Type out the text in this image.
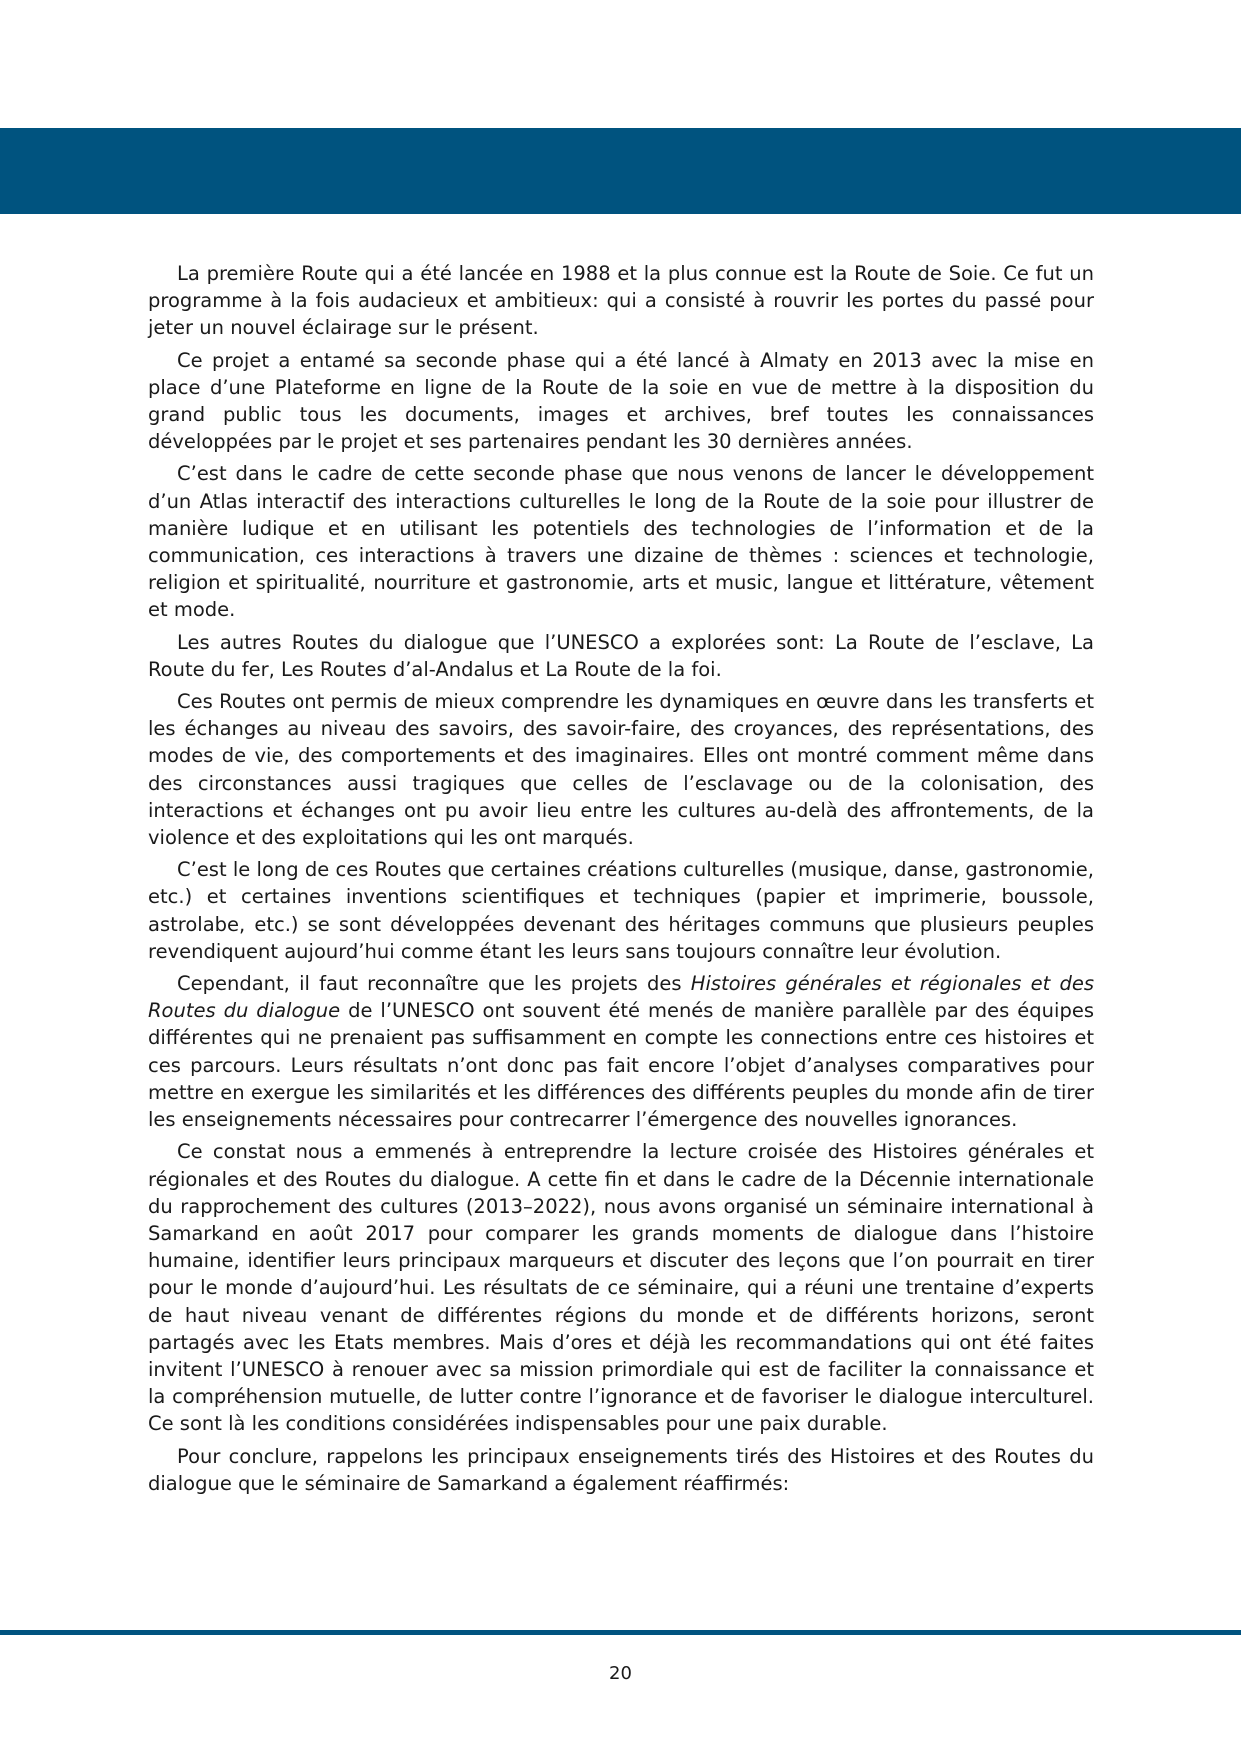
La première Route qui a été lancée en 1988 et la plus connue est la Route de Soie. Ce fut un programme à la fois audacieux et ambitieux: qui a consisté à rouvrir les portes du passé pour jeter un nouvel éclairage sur le présent.

Ce projet a entamé sa seconde phase qui a été lancé à Almaty en 2013 avec la mise en place d’une Plateforme en ligne de la Route de la soie en vue de mettre à la disposition du grand public tous les documents, images et archives, bref toutes les connaissances développées par le projet et ses partenaires pendant les 30 dernières années.

C’est dans le cadre de cette seconde phase que nous venons de lancer le développement d’un Atlas interactif des interactions culturelles le long de la Route de la soie pour illustrer de manière ludique et en utilisant les potentiels des technologies de l’information et de la communication, ces interactions à travers une dizaine de thèmes : sciences et technologie, religion et spiritualité, nourriture et gastronomie, arts et music, langue et littérature, vêtement et mode.

Les autres Routes du dialogue que l’UNESCO a explorées sont: La Route de l’esclave, La Route du fer, Les Routes d’al-Andalus et La Route de la foi.

Ces Routes ont permis de mieux comprendre les dynamiques en œuvre dans les transferts et les échanges au niveau des savoirs, des savoir-faire, des croyances, des représentations, des modes de vie, des comportements et des imaginaires. Elles ont montré comment même dans des circonstances aussi tragiques que celles de l’esclavage ou de la colonisation, des interactions et échanges ont pu avoir lieu entre les cultures au-delà des affrontements, de la violence et des exploitations qui les ont marqués.

C’est le long de ces Routes que certaines créations culturelles (musique, danse, gastronomie, etc.) et certaines inventions scientifiques et techniques (papier et imprimerie, boussole, astrolabe, etc.) se sont développées devenant des héritages communs que plusieurs peuples revendiquent aujourd’hui comme étant les leurs sans toujours connaître leur évolution.

Cependant, il faut reconnaître que les projets des Histoires générales et régionales et des Routes du dialogue de l’UNESCO ont souvent été menés de manière parallèle par des équipes différentes qui ne prenaient pas suffisamment en compte les connections entre ces histoires et ces parcours. Leurs résultats n’ont donc pas fait encore l’objet d’analyses comparatives pour mettre en exergue les similarités et les différences des différents peuples du monde afin de tirer les enseignements nécessaires pour contrecarrer l’émergence des nouvelles ignorances.

Ce constat nous a emmenés à entreprendre la lecture croisée des Histoires générales et régionales et des Routes du dialogue. A cette fin et dans le cadre de la Décennie internationale du rapprochement des cultures (2013–2022), nous avons organisé un séminaire international à Samarkand en août 2017 pour comparer les grands moments de dialogue dans l’histoire humaine, identifier leurs principaux marqueurs et discuter des leçons que l’on pourrait en tirer pour le monde d’aujourd’hui. Les résultats de ce séminaire, qui a réuni une trentaine d’experts de haut niveau venant de différentes régions du monde et de différents horizons, seront partagés avec les Etats membres. Mais d’ores et déjà les recommandations qui ont été faites invitent l’UNESCO à renouer avec sa mission primordiale qui est de faciliter la connaissance et la compréhension mutuelle, de lutter contre l’ignorance et de favoriser le dialogue interculturel. Ce sont là les conditions considérées indispensables pour une paix durable.

Pour conclure, rappelons les principaux enseignements tirés des Histoires et des Routes du dialogue que le séminaire de Samarkand a également réaffirmés:

20
